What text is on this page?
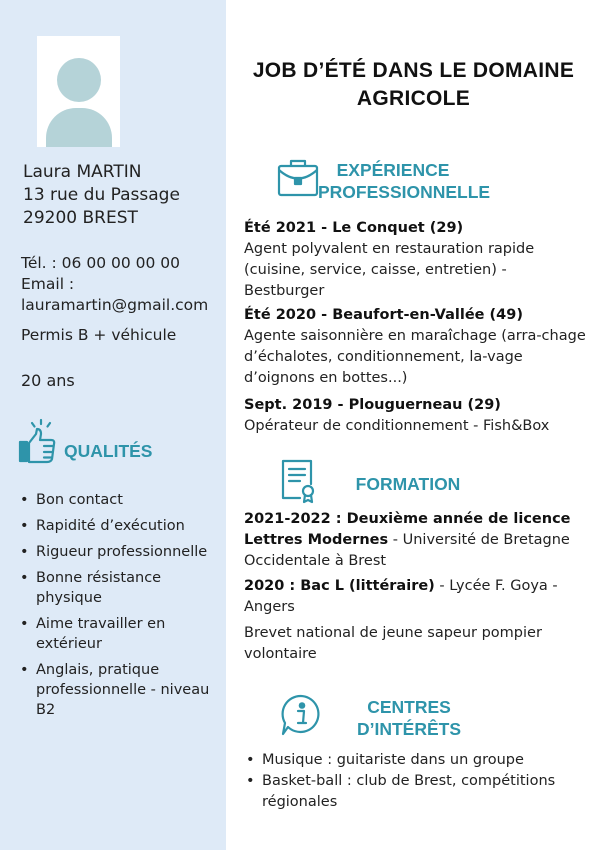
Laura MARTIN
13 rue du Passage
29200 BREST
Tél. : 06 00 00 00 00
Email :
lauramartin@gmail.com
Permis B + véhicule
20 ans
QUALITÉS
• Bon contact
• Rapidité d’exécution
• Rigueur professionnelle
• Bonne résistance physique
• Aime travailler en extérieur
• Anglais, pratique professionnelle - niveau B2
JOB D’ÉTÉ DANS LE DOMAINE
AGRICOLE
EXPÉRIENCE
PROFESSIONNELLE
Été 2021 - Le Conquet (29)
Agent polyvalent en restauration rapide (cuisine, service, caisse, entretien) - Bestburger
Été 2020 - Beaufort-en-Vallée (49)
Agente saisonnière en maraîchage (arra-chage d’échalotes, conditionnement, la-vage d’oignons en bottes...)
Sept. 2019 - Plouguerneau (29)
Opérateur de conditionnement - Fish&Box
FORMATION
2021-2022 : Deuxième année de licence Lettres Modernes - Université de Bretagne Occidentale à Brest
2020 : Bac L (littéraire) - Lycée F. Goya - Angers
Brevet national de jeune sapeur pompier volontaire
CENTRES
D’INTÉRÊTS
• Musique : guitariste dans un groupe
• Basket-ball : club de Brest, compétitions régionales
